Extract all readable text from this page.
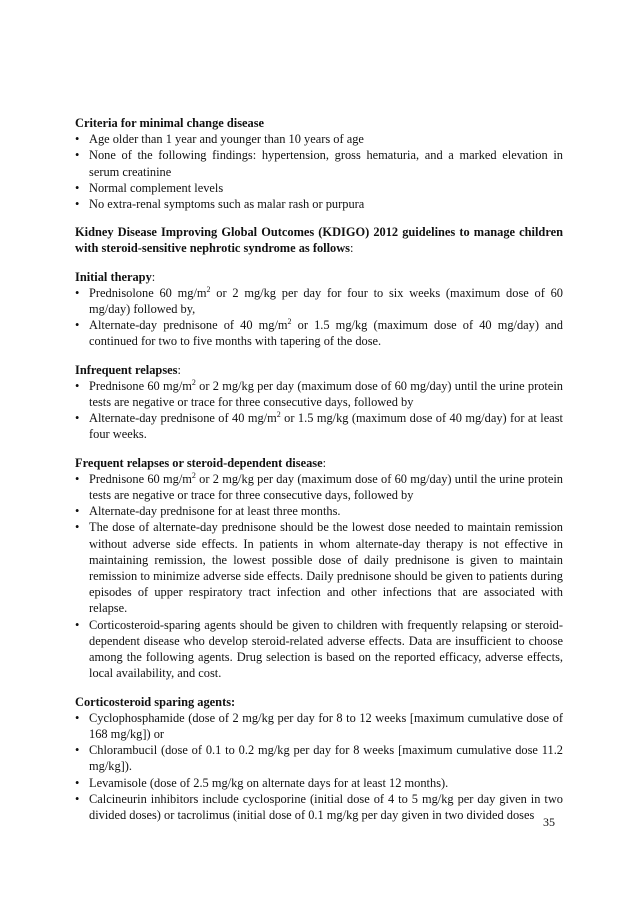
Criteria for minimal change disease

• Age older than 1 year and younger than 10 years of age
• None of the following findings: hypertension, gross hematuria, and a marked elevation in serum creatinine
• Normal complement levels
• No extra-renal symptoms such as malar rash or purpura

Kidney Disease Improving Global Outcomes (KDIGO) 2012 guidelines to manage children with steroid-sensitive nephrotic syndrome as follows:

Initial therapy:

• Prednisolone 60 $mg/m^2$ or 2 mg/kg per day for four to six weeks (maximum dose of 60 mg/day) followed by,
• Alternate-day prednisone of 40 $mg/m^2$ or 1.5 mg/kg (maximum dose of 40 mg/day) and continued for two to five months with tapering of the dose.

Infrequent relapses:

• Prednisone 60 $mg/m^2$ or 2 mg/kg per day (maximum dose of 60 mg/day) until the urine protein tests are negative or trace for three consecutive days, followed by
• Alternate-day prednisone of 40 $mg/m^2$ or 1.5 mg/kg (maximum dose of 40 mg/day) for at least four weeks.

Frequent relapses or steroid-dependent disease:

• Prednisone 60 $mg/m^2$ or 2 mg/kg per day (maximum dose of 60 mg/day) until the urine protein tests are negative or trace for three consecutive days, followed by
• Alternate-day prednisone for at least three months.
• The dose of alternate-day prednisone should be the lowest dose needed to maintain remission without adverse side effects. In patients in whom alternate-day therapy is not effective in maintaining remission, the lowest possible dose of daily prednisone is given to maintain remission to minimize adverse side effects. Daily prednisone should be given to patients during episodes of upper respiratory tract infection and other infections that are associated with relapse.
• Corticosteroid-sparing agents should be given to children with frequently relapsing or steroid-dependent disease who develop steroid-related adverse effects. Data are insufficient to choose among the following agents. Drug selection is based on the reported efficacy, adverse effects, local availability, and cost.

Corticosteroid sparing agents:

• Cyclophosphamide (dose of 2 mg/kg per day for 8 to 12 weeks [maximum cumulative dose of 168 mg/kg]) or
• Chlorambucil (dose of 0.1 to 0.2 mg/kg per day for 8 weeks [maximum cumulative dose 11.2 mg/kg]).
• Levamisole (dose of 2.5 mg/kg on alternate days for at least 12 months).
• Calcineurin inhibitors include cyclosporine (initial dose of 4 to 5 mg/kg per day given in two divided doses) or tacrolimus (initial dose of 0.1 mg/kg per day given in two divided doses
35
